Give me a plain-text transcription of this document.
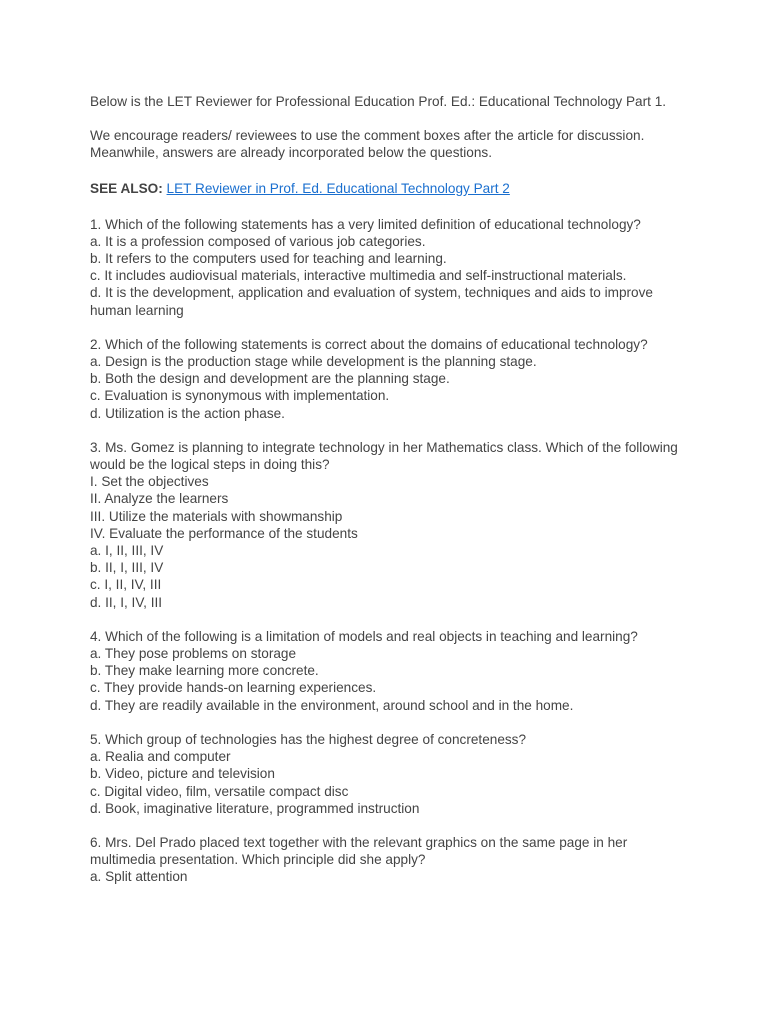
Below is the LET Reviewer for Professional Education Prof. Ed.: Educational Technology Part 1.

We encourage readers/ reviewees to use the comment boxes after the article for discussion. Meanwhile, answers are already incorporated below the questions.

SEE ALSO: LET Reviewer in Prof. Ed. Educational Technology Part 2

1. Which of the following statements has a very limited definition of educational technology?
a. It is a profession composed of various job categories.
b. It refers to the computers used for teaching and learning.
c. It includes audiovisual materials, interactive multimedia and self-instructional materials.
d. It is the development, application and evaluation of system, techniques and aids to improve human learning
2. Which of the following statements is correct about the domains of educational technology?
a. Design is the production stage while development is the planning stage.
b. Both the design and development are the planning stage.
c. Evaluation is synonymous with implementation.
d. Utilization is the action phase.
3. Ms. Gomez is planning to integrate technology in her Mathematics class. Which of the following would be the logical steps in doing this?
I. Set the objectives
II. Analyze the learners
III. Utilize the materials with showmanship
IV. Evaluate the performance of the students
a. I, II, III, IV
b. II, I, III, IV
c. I, II, IV, III
d. II, I, IV, III
4. Which of the following is a limitation of models and real objects in teaching and learning?
a. They pose problems on storage
b. They make learning more concrete.
c. They provide hands-on learning experiences.
d. They are readily available in the environment, around school and in the home.
5. Which group of technologies has the highest degree of concreteness?
a. Realia and computer
b. Video, picture and television
c. Digital video, film, versatile compact disc
d. Book, imaginative literature, programmed instruction
6. Mrs. Del Prado placed text together with the relevant graphics on the same page in her multimedia presentation. Which principle did she apply?
a. Split attention
